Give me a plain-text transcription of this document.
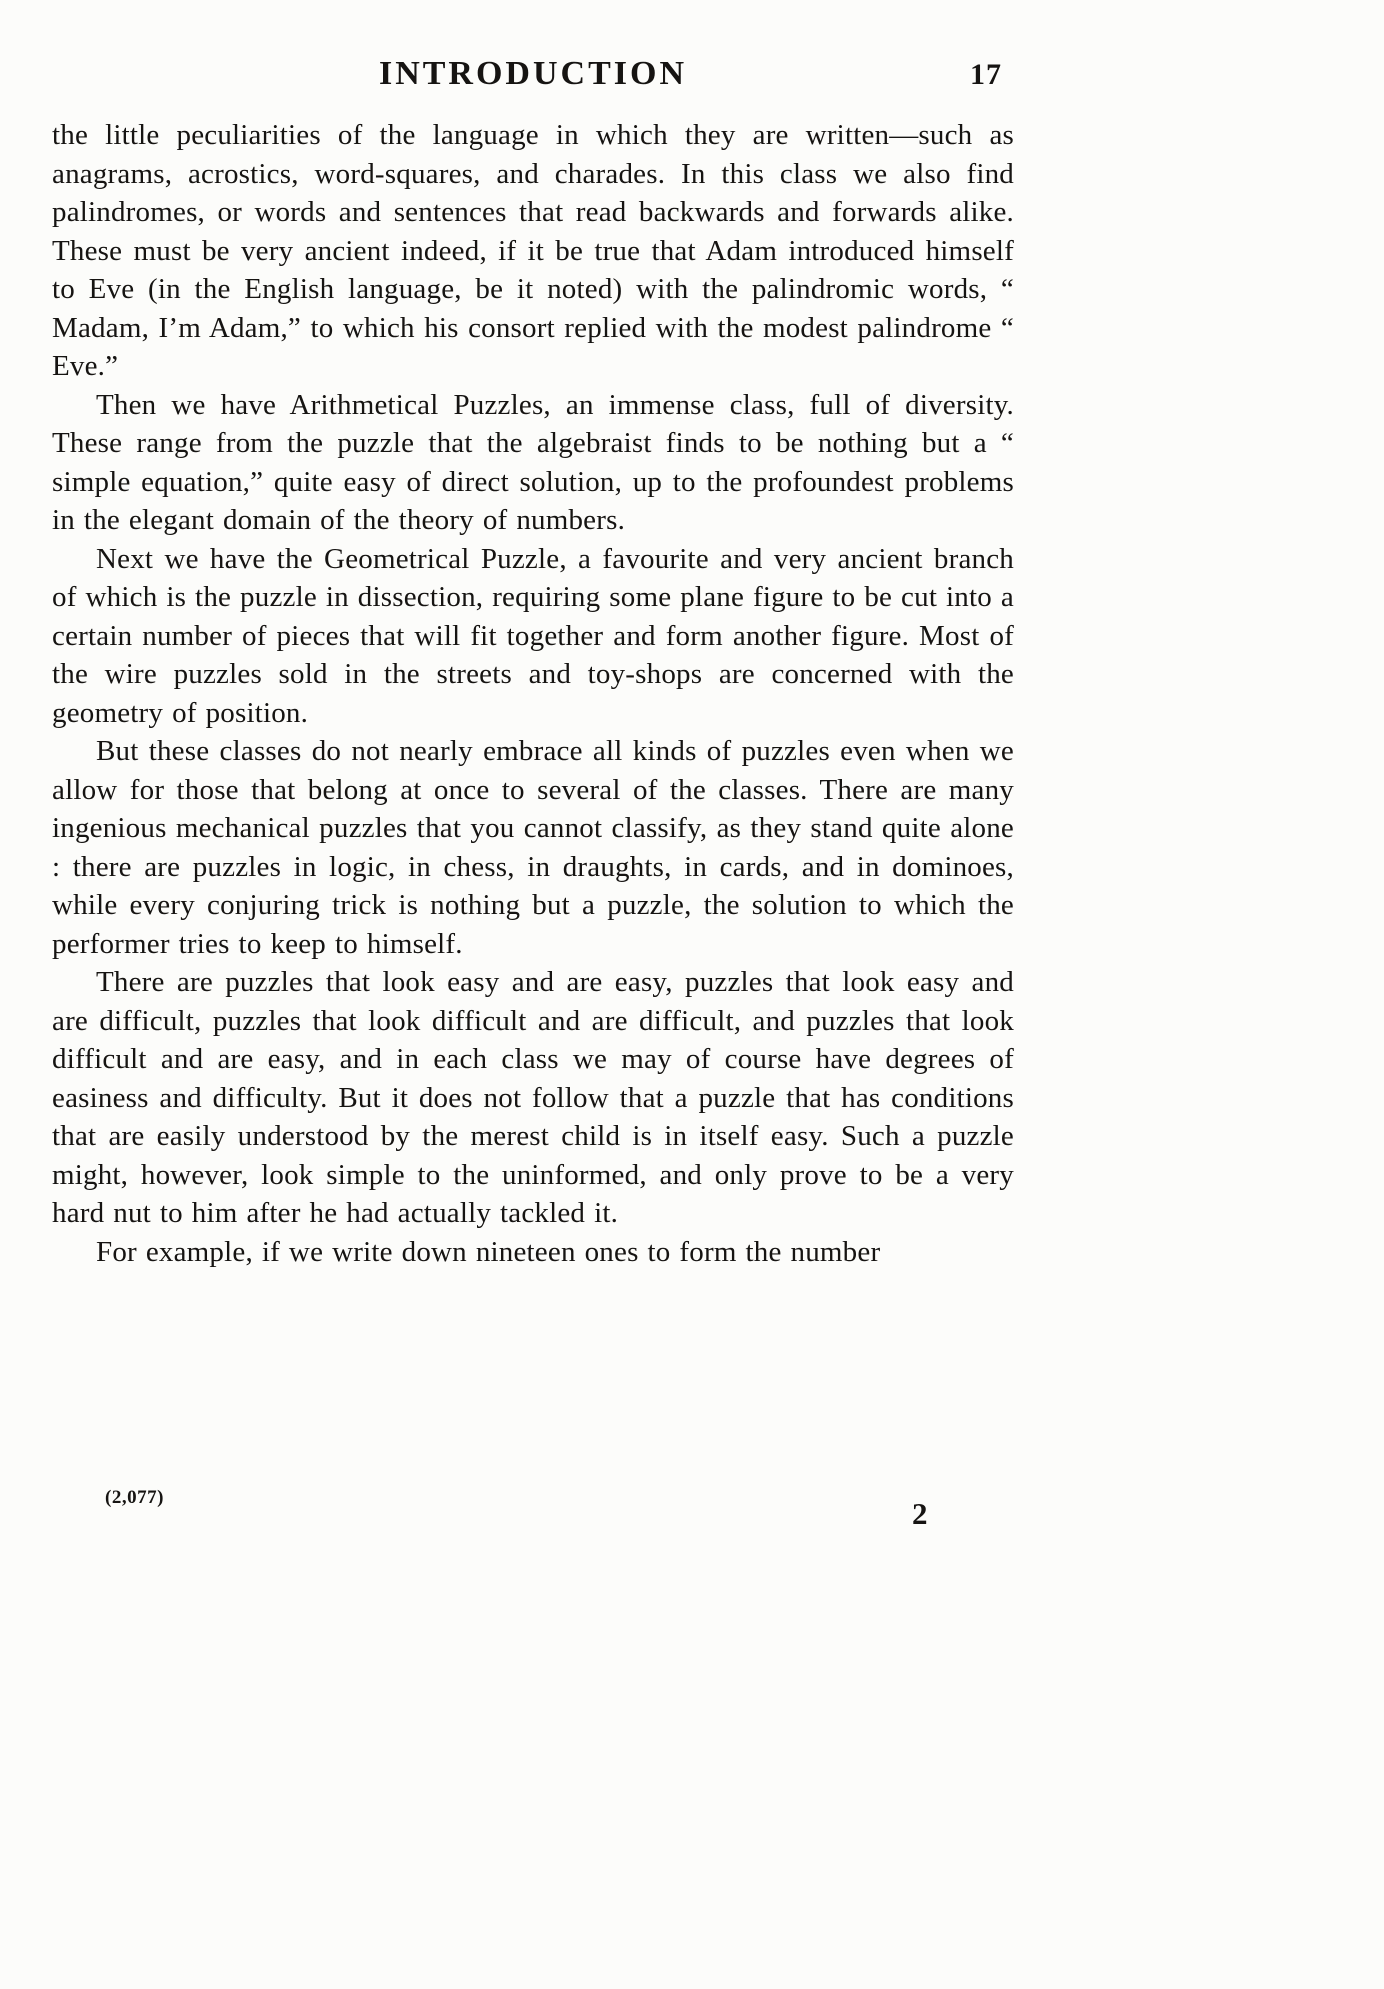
INTRODUCTION	17

the little peculiarities of the language in which they are written—such as anagrams, acrostics, word-squares, and charades. In this class we also find palindromes, or words and sentences that read backwards and forwards alike. These must be very ancient indeed, if it be true that Adam introduced himself to Eve (in the English language, be it noted) with the palindromic words, “ Madam, I’m Adam,” to which his consort replied with the modest palindrome “ Eve.”

Then we have Arithmetical Puzzles, an immense class, full of diversity. These range from the puzzle that the algebraist finds to be nothing but a “ simple equation,” quite easy of direct solution, up to the profoundest problems in the elegant domain of the theory of numbers.

Next we have the Geometrical Puzzle, a favourite and very ancient branch of which is the puzzle in dissection, requiring some plane figure to be cut into a certain number of pieces that will fit together and form another figure. Most of the wire puzzles sold in the streets and toy-shops are concerned with the geometry of position.

But these classes do not nearly embrace all kinds of puzzles even when we allow for those that belong at once to several of the classes. There are many ingenious mechanical puzzles that you cannot classify, as they stand quite alone : there are puzzles in logic, in chess, in draughts, in cards, and in dominoes, while every conjuring trick is nothing but a puzzle, the solution to which the performer tries to keep to himself.

There are puzzles that look easy and are easy, puzzles that look easy and are difficult, puzzles that look difficult and are difficult, and puzzles that look difficult and are easy, and in each class we may of course have degrees of easiness and difficulty. But it does not follow that a puzzle that has conditions that are easily understood by the merest child is in itself easy. Such a puzzle might, however, look simple to the uninformed, and only prove to be a very hard nut to him after he had actually tackled it.

For example, if we write down nineteen ones to form the number

(2,077)	2
